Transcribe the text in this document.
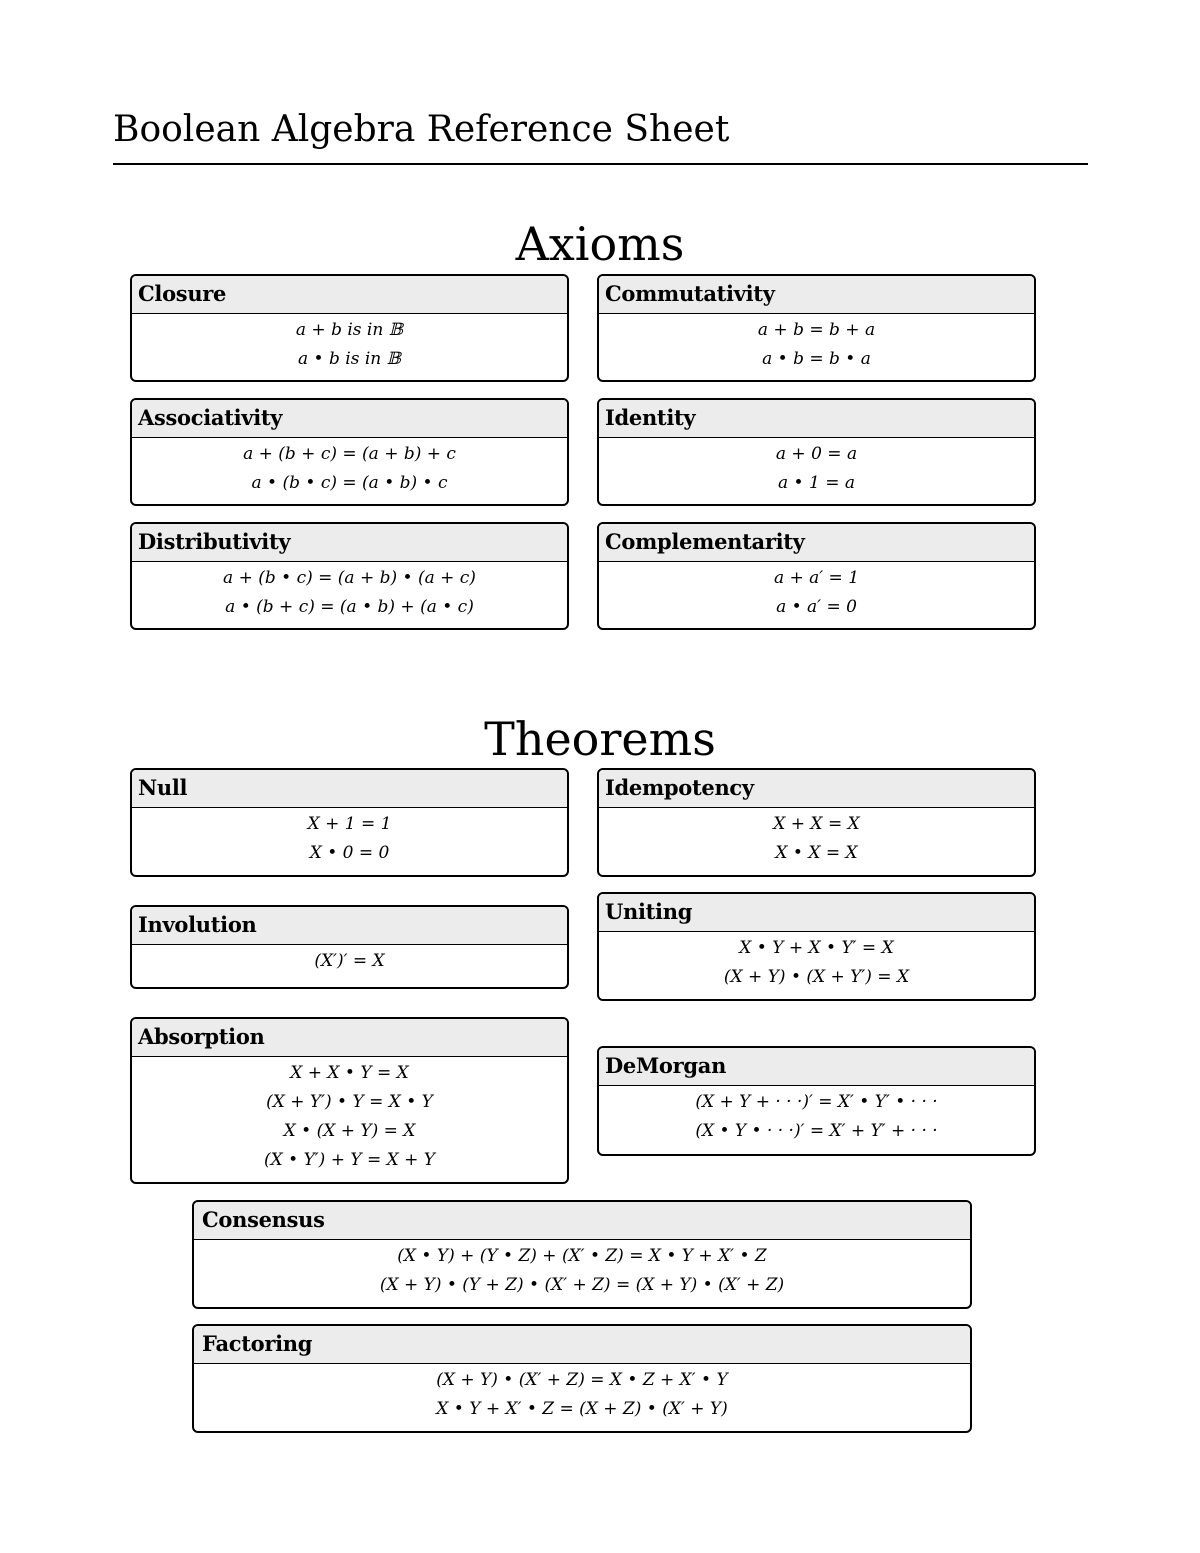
Boolean Algebra Reference Sheet
Axioms
Closure
a + b is in 𝔹
a • b is in 𝔹
Commutativity
a + b = b + a
a • b = b • a
Associativity
a + (b + c) = (a + b) + c
a • (b • c) = (a • b) • c
Identity
a + 0 = a
a • 1 = a
Distributivity
a + (b • c) = (a + b) • (a + c)
a • (b + c) = (a • b) + (a • c)
Complementarity
a + a′ = 1
a • a′ = 0
Theorems
Null
X + 1 = 1
X • 0 = 0
Idempotency
X + X = X
X • X = X
Involution
(X′)′ = X
Uniting
X • Y + X • Y′ = X
(X + Y) • (X + Y′) = X
Absorption
X + X • Y = X
(X + Y′) • Y = X • Y
X • (X + Y) = X
(X • Y′) + Y = X + Y
DeMorgan
(X + Y + · · ·)′ = X′ • Y′ • · · ·
(X • Y • · · ·)′ = X′ + Y′ + · · ·
Consensus
(X • Y) + (Y • Z) + (X′ • Z) = X • Y + X′ • Z
(X + Y) • (Y + Z) • (X′ + Z) = (X + Y) • (X′ + Z)
Factoring
(X + Y) • (X′ + Z) = X • Z + X′ • Y
X • Y + X′ • Z = (X + Z) • (X′ + Y)
